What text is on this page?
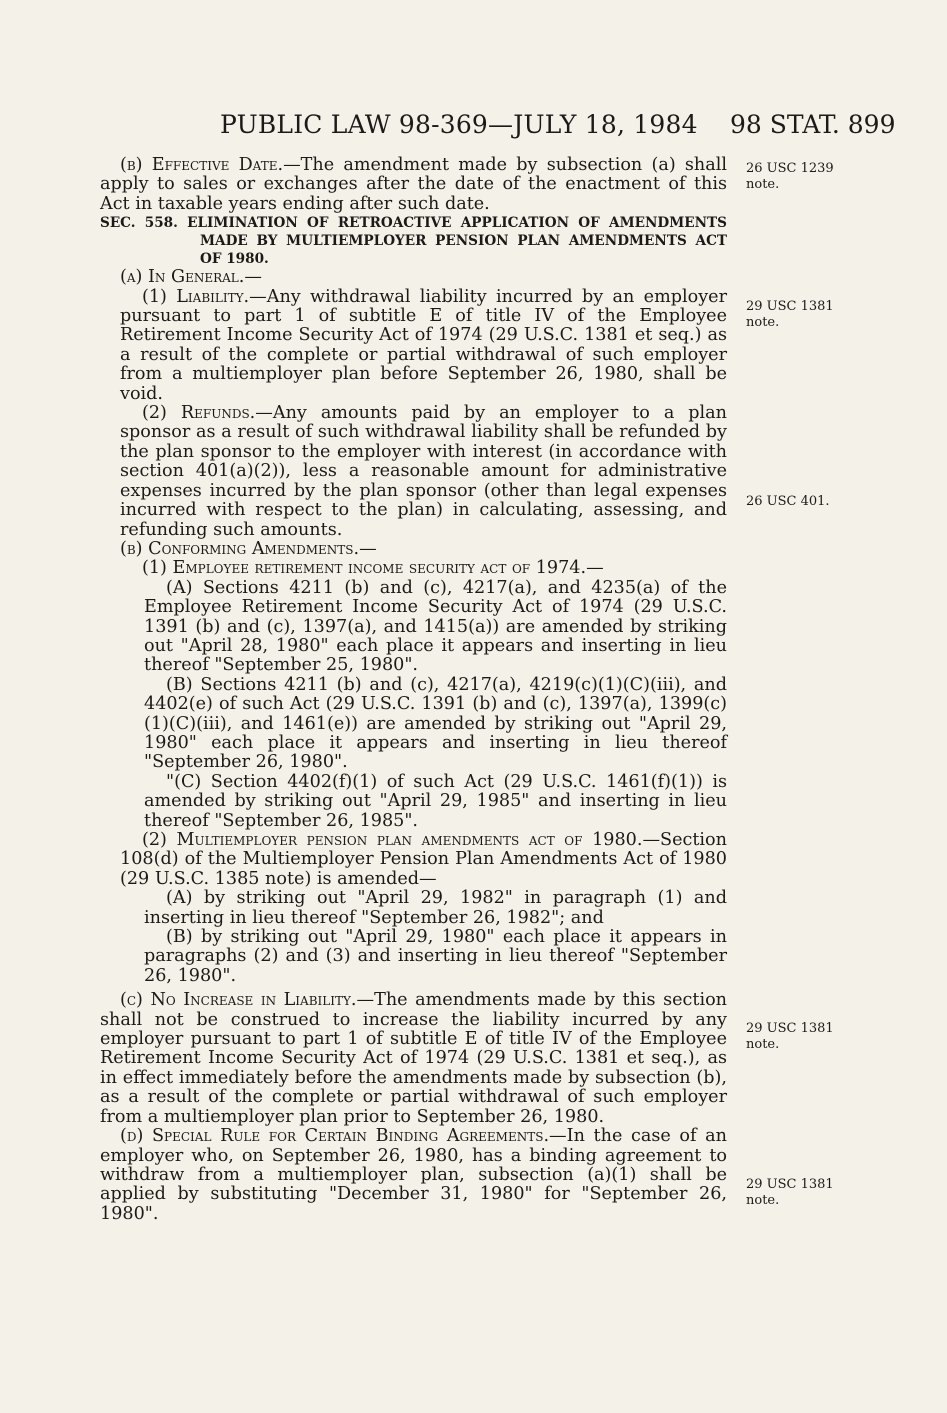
PUBLIC LAW 98-369—JULY 18, 1984 98 STAT. 899

(b) Effective Date.—The amendment made by subsection (a) shall apply to sales or exchanges after the date of the enactment of this Act in taxable years ending after such date.

SEC. 558. ELIMINATION OF RETROACTIVE APPLICATION OF AMENDMENTS MADE BY MULTIEMPLOYER PENSION PLAN AMENDMENTS ACT OF 1980.

(a) In General.—

(1) Liability.—Any withdrawal liability incurred by an employer pursuant to part 1 of subtitle E of title IV of the Employee Retirement Income Security Act of 1974 (29 U.S.C. 1381 et seq.) as a result of the complete or partial withdrawal of such employer from a multiemployer plan before September 26, 1980, shall be void.

(2) Refunds.—Any amounts paid by an employer to a plan sponsor as a result of such withdrawal liability shall be refunded by the plan sponsor to the employer with interest (in accordance with section 401(a)(2)), less a reasonable amount for administrative expenses incurred by the plan sponsor (other than legal expenses incurred with respect to the plan) in calculating, assessing, and refunding such amounts.

(b) Conforming Amendments.—

(1) Employee retirement income security act of 1974.—

(A) Sections 4211 (b) and (c), 4217(a), and 4235(a) of the Employee Retirement Income Security Act of 1974 (29 U.S.C. 1391 (b) and (c), 1397(a), and 1415(a)) are amended by striking out "April 28, 1980" each place it appears and inserting in lieu thereof "September 25, 1980".

(B) Sections 4211 (b) and (c), 4217(a), 4219(c)(1)(C)(iii), and 4402(e) of such Act (29 U.S.C. 1391 (b) and (c), 1397(a), 1399(c)(1)(C)(iii), and 1461(e)) are amended by striking out "April 29, 1980" each place it appears and inserting in lieu thereof "September 26, 1980".

"(C) Section 4402(f)(1) of such Act (29 U.S.C. 1461(f)(1)) is amended by striking out "April 29, 1985" and inserting in lieu thereof "September 26, 1985".

(2) Multiemployer pension plan amendments act of 1980.—Section 108(d) of the Multiemployer Pension Plan Amendments Act of 1980 (29 U.S.C. 1385 note) is amended—

(A) by striking out "April 29, 1982" in paragraph (1) and inserting in lieu thereof "September 26, 1982"; and

(B) by striking out "April 29, 1980" each place it appears in paragraphs (2) and (3) and inserting in lieu thereof "September 26, 1980".

(c) No Increase in Liability.—The amendments made by this section shall not be construed to increase the liability incurred by any employer pursuant to part 1 of subtitle E of title IV of the Employee Retirement Income Security Act of 1974 (29 U.S.C. 1381 et seq.), as in effect immediately before the amendments made by subsection (b), as a result of the complete or partial withdrawal of such employer from a multiemployer plan prior to September 26, 1980.

(d) Special Rule for Certain Binding Agreements.—In the case of an employer who, on September 26, 1980, has a binding agreement to withdraw from a multiemployer plan, subsection (a)(1) shall be applied by substituting "December 31, 1980" for "September 26, 1980".

26 USC 1239
note.
29 USC 1381
note.
26 USC 401.
29 USC 1381
note.
29 USC 1381
note.
